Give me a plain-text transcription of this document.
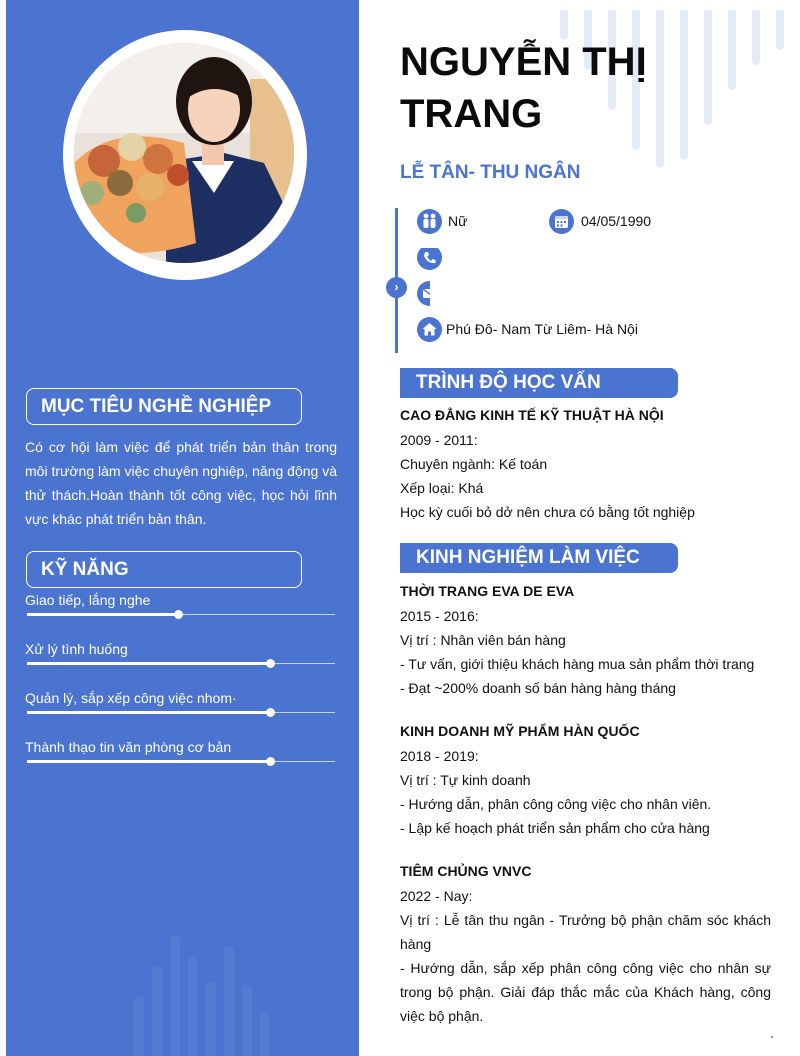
MỤC TIÊU NGHỀ NGHIỆP
Có cơ hội làm việc để phát triển bản thân trong môi trường làm việc chuyên nghiệp, năng động và thử thách.Hoàn thành tốt công việc, học hỏi lĩnh vực khác phát triển bản thân.
KỸ NĂNG
Giao tiếp, lắng nghe
Xử lý tình huống
Quản lý, sắp xếp công việc nhom·
Thành thạo tin văn phòng cơ bản
NGUYỄN THỊ TRANG
LỄ TÂN- THU NGÂN
›
Nữ	04/05/1990
Phú Đô- Nam Từ Liêm- Hà Nội
TRÌNH ĐỘ HỌC VẤN
CAO ĐẲNG KINH TẾ KỸ THUẬT HÀ NỘI
2009 - 2011:
Chuyên ngành: Kế toán
Xếp loại: Khá
Học kỳ cuối bỏ dở nên chưa có bằng tốt nghiệp
KINH NGHIỆM LÀM VIỆC
THỜI TRANG EVA DE EVA
2015 - 2016:
Vị trí : Nhân viên bán hàng
- Tư vấn, giới thiệu khách hàng mua sản phẩm thời trang
- Đạt ~200% doanh số bán hàng hàng tháng
KINH DOANH MỸ PHẨM HÀN QUỐC
2018 - 2019:
Vị trí : Tự kinh doanh
- Hướng dẫn, phân công công việc cho nhân viên.
- Lập kế hoạch phát triển sản phẩm cho cửa hàng
TIÊM CHỦNG VNVC
2022 - Nay:
Vị trí : Lễ tân thu ngân - Trưởng bộ phận chăm sóc khách hàng
- Hướng dẫn, sắp xếp phân công công việc cho nhân sự trong bộ phận. Giải đáp thắc mắc của Khách hàng, công việc bộ phận.
